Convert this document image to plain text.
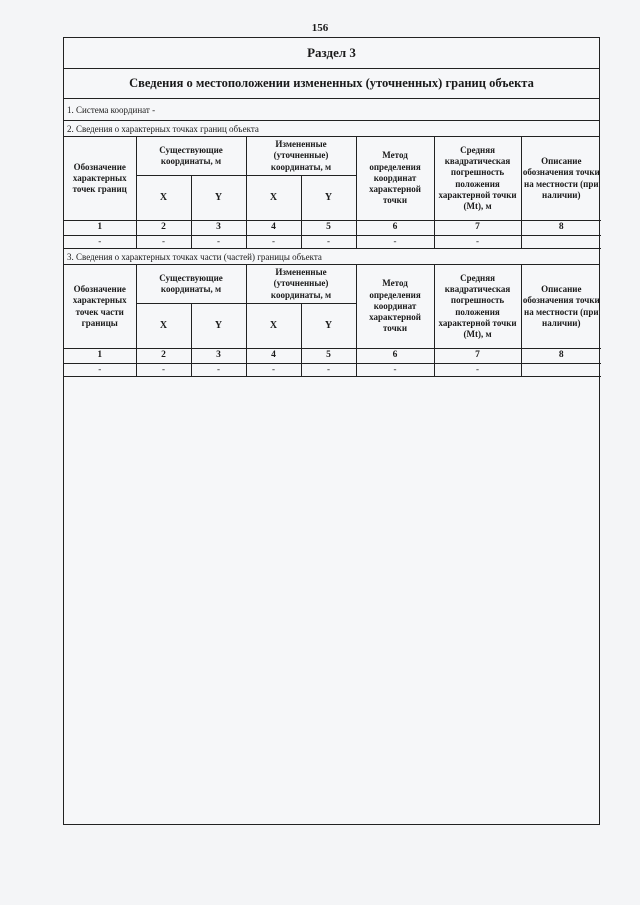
156
Раздел 3
Сведения о местоположении измененных (уточненных) границ объекта
1. Система координат -
2. Сведения о характерных точках границ объекта
Обозначение характерных точек границ	Существующие координаты, м		Измененные (уточненные) координаты, м		Метод определения координат характерной точки	Средняя квадратическая погрешность положения характерной точки (Mt), м	Описание обозначения точки на местности (при наличии)
	X	Y	X	Y			
1	2	3	4	5	6	7	8
-	-	-	-	-	-	-	
3. Сведения о характерных точках части (частей) границы объекта
Обозначение характерных точек части границы	Существующие координаты, м		Измененные (уточненные) координаты, м		Метод определения координат характерной точки	Средняя квадратическая погрешность положения характерной точки (Mt), м	Описание обозначения точки на местности (при наличии)
	X	Y	X	Y			
1	2	3	4	5	6	7	8
-	-	-	-	-	-	-	
